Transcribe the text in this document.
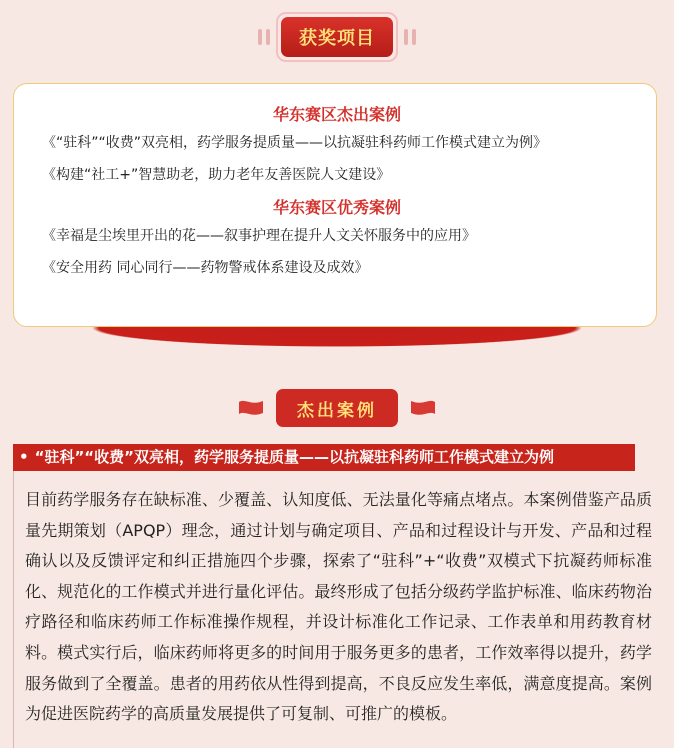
获奖项目
华东赛区杰出案例
《“驻科”“收费”双亮相，药学服务提质量——以抗凝驻科药师工作模式建立为例》
《构建“社工+”智慧助老，助力老年友善医院人文建设》
华东赛区优秀案例
《幸福是尘埃里开出的花——叙事护理在提升人文关怀服务中的应用》
《安全用药 同心同行——药物警戒体系建设及成效》
杰出案例
• “驻科”“收费”双亮相，药学服务提质量——以抗凝驻科药师工作模式建立为例

目前药学服务存在缺标准、少覆盖、认知度低、无法量化等痛点堵点。本案例借鉴产品质量先期策划（APQP）理念，通过计划与确定项目、产品和过程设计与开发、产品和过程确认以及反馈评定和纠正措施四个步骤，探索了“驻科”+“收费”双模式下抗凝药师标准化、规范化的工作模式并进行量化评估。最终形成了包括分级药学监护标准、临床药物治疗路径和临床药师工作标准操作规程，并设计标准化工作记录、工作表单和用药教育材料。模式实行后，临床药师将更多的时间用于服务更多的患者，工作效率得以提升，药学服务做到了全覆盖。患者的用药依从性得到提高，不良反应发生率低，满意度提高。案例为促进医院药学的高质量发展提供了可复制、可推广的模板。
